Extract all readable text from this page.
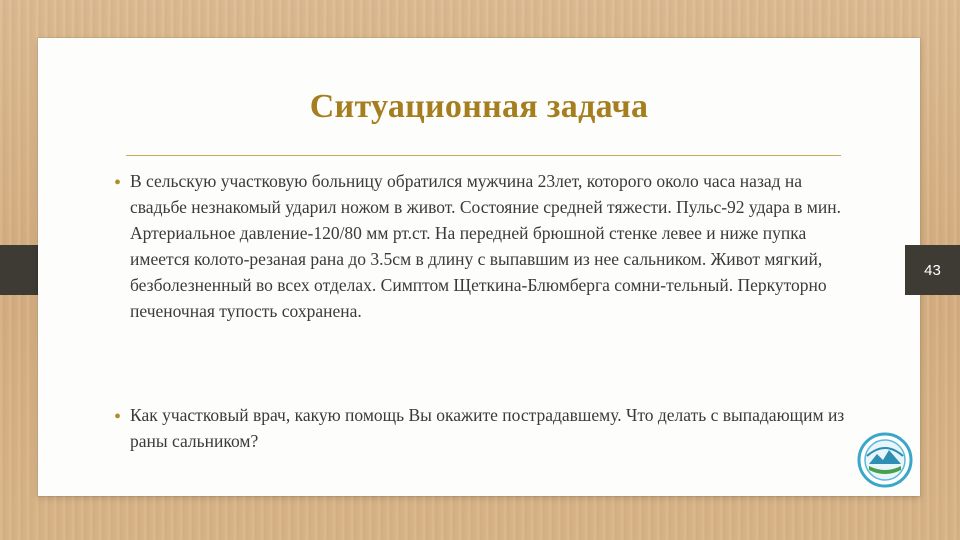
Ситуационная задача
• В сельскую участковую больницу обратился мужчина 23лет, которого около часа назад на свадьбе незнакомый ударил ножом в живот. Состояние средней тяжести. Пульс-92 удара в мин. Артериальное давление-120/80 мм рт.ст. На передней брюшной стенке левее и ниже пупка имеется колото-резаная рана до 3.5см в длину с выпавшим из нее сальником. Живот мягкий, безболезненный во всех отделах. Симптом Щеткина-Блюмберга сомни-тельный. Перкуторно печеночная тупость сохранена.
• Как участковый врач, какую помощь Вы окажите пострадавшему. Что делать с выпадающим из раны сальником?
43
